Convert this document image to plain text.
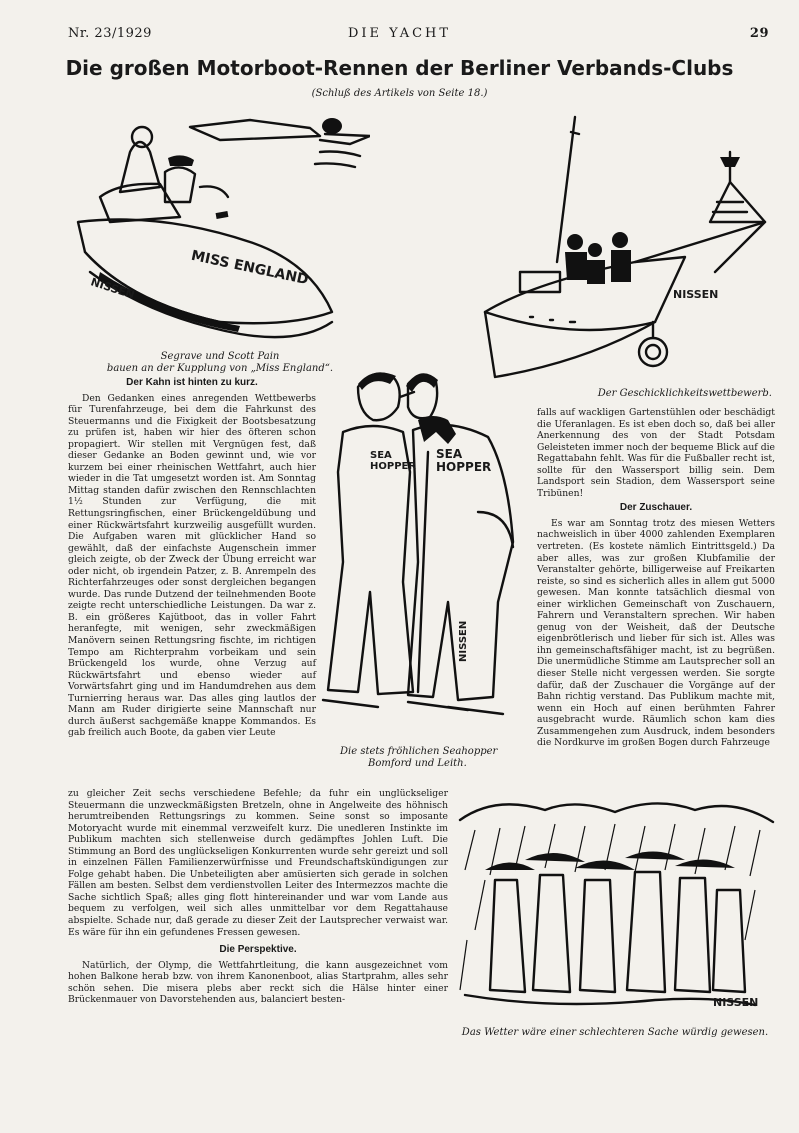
Nr. 23/1929	DIE YACHT	29
Die großen Motorboot-Rennen der Berliner Verbands-Clubs
(Schluß des Artikels von Seite 18.)
MISS ENGLAND
NISSEN
Segrave und Scott Pain
bauen an der Kupplung von „Miss England“.
NISSEN
Der Geschicklichkeitswettbewerb.
SEA HOPPER
SEA HOPPER
NISSEN
Die stets fröhlichen Seahopper
Bomford und Leith.
NISSEN
Das Wetter wäre einer schlechteren Sache würdig gewesen.
Der Kahn ist hinten zu kurz.

Den Gedanken eines anregenden Wettbewerbs für Turenfahrzeuge, bei dem die Fahrkunst des Steuermanns und die Fixigkeit der Bootsbesatzung zu prüfen ist, haben wir hier des öfteren schon propagiert. Wir stellen mit Vergnügen fest, daß dieser Gedanke an Boden gewinnt und, wie vor kurzem bei einer rheinischen Wettfahrt, auch hier wieder in die Tat umgesetzt worden ist. Am Sonntag Mittag standen dafür zwischen den Rennschlachten 1½ Stunden zur Verfügung, die mit Rettungsringfischen, einer Brückengeldübung und einer Rückwärtsfahrt kurzweilig ausgefüllt wurden. Die Aufgaben waren mit glücklicher Hand so gewählt, daß der einfachste Augenschein immer gleich zeigte, ob der Zweck der Übung erreicht war oder nicht, ob irgendein Patzer, z. B. Anrempeln des Richterfahrzeuges oder sonst dergleichen begangen wurde. Das runde Dutzend der teilnehmenden Boote zeigte recht unterschiedliche Leistungen. Da war z. B. ein größeres Kajütboot, das in voller Fahrt heranfegte, mit wenigen, sehr zweckmäßigen Manövern seinen Rettungsring fischte, im richtigen Tempo am Richterprahm vorbeikam und sein Brückengeld los wurde, ohne Verzug auf Rückwärtsfahrt und ebenso wieder auf Vorwärtsfahrt ging und im Handumdrehen aus dem Turnierring heraus war. Das alles ging lautlos der Mann am Ruder dirigierte seine Mannschaft nur durch äußerst sachgemäße knappe Kommandos. Es gab freilich auch Boote, da gaben vier Leute

zu gleicher Zeit sechs verschiedene Befehle; da fuhr ein unglückseliger Steuermann die unzweckmäßigsten Bretzeln, ohne in Angelweite des höhnisch herumtreibenden Rettungsrings zu kommen. Seine sonst so imposante Motoryacht wurde mit einemmal verzweifelt kurz. Die unedleren Instinkte im Publikum machten sich stellenweise durch gedämpftes Johlen Luft. Die Stimmung an Bord des unglückseligen Konkurrenten wurde sehr gereizt und soll in einzelnen Fällen Familienzerwürfnisse und Freundschaftskündigungen zur Folge gehabt haben. Die Unbeteiligten aber amüsierten sich gerade in solchen Fällen am besten. Selbst dem verdienstvollen Leiter des Intermezzos machte die Sache sichtlich Spaß; alles ging flott hintereinander und war vom Lande aus bequem zu verfolgen, weil sich alles unmittelbar vor dem Regattahause abspielte. Schade nur, daß gerade zu dieser Zeit der Lautsprecher verwaist war. Es wäre für ihn ein gefundenes Fressen gewesen.

Die Perspektive.

Natürlich, der Olymp, die Wettfahrtleitung, die kann ausgezeichnet vom hohen Balkone herab bzw. von ihrem Kanonenboot, alias Startprahm, alles sehr schön sehen. Die misera plebs aber reckt sich die Hälse hinter einer Brückenmauer von Davorstehenden aus, balanciert besten-

falls auf wackligen Gartenstühlen oder beschädigt die Uferanlagen. Es ist eben doch so, daß bei aller Anerkennung des von der Stadt Potsdam Geleisteten immer noch der bequeme Blick auf die Regattabahn fehlt. Was für die Fußballer recht ist, sollte für den Wassersport billig sein. Dem Landsport sein Stadion, dem Wassersport seine Tribünen!

Der Zuschauer.

Es war am Sonntag trotz des miesen Wetters nachweislich in über 4000 zahlenden Exemplaren vertreten. (Es kostete nämlich Eintrittsgeld.) Da aber alles, was zur großen Klubfamilie der Veranstalter gehörte, billigerweise auf Freikarten reiste, so sind es sicherlich alles in allem gut 5000 gewesen. Man konnte tatsächlich diesmal von einer wirklichen Gemeinschaft von Zuschauern, Fahrern und Veranstaltern sprechen. Wir haben genug von der Weisheit, daß der Deutsche eigenbrötlerisch und lieber für sich ist. Alles was ihn gemeinschaftsfähiger macht, ist zu begrüßen. Die unermüdliche Stimme am Lautsprecher soll an dieser Stelle nicht vergessen werden. Sie sorgte dafür, daß der Zuschauer die Vorgänge auf der Bahn richtig verstand. Das Publikum machte mit, wenn ein Hoch auf einen berühmten Fahrer ausgebracht wurde. Räumlich schon kam dies Zusammengehen zum Ausdruck, indem besonders die Nordkurve im großen Bogen durch Fahrzeuge
